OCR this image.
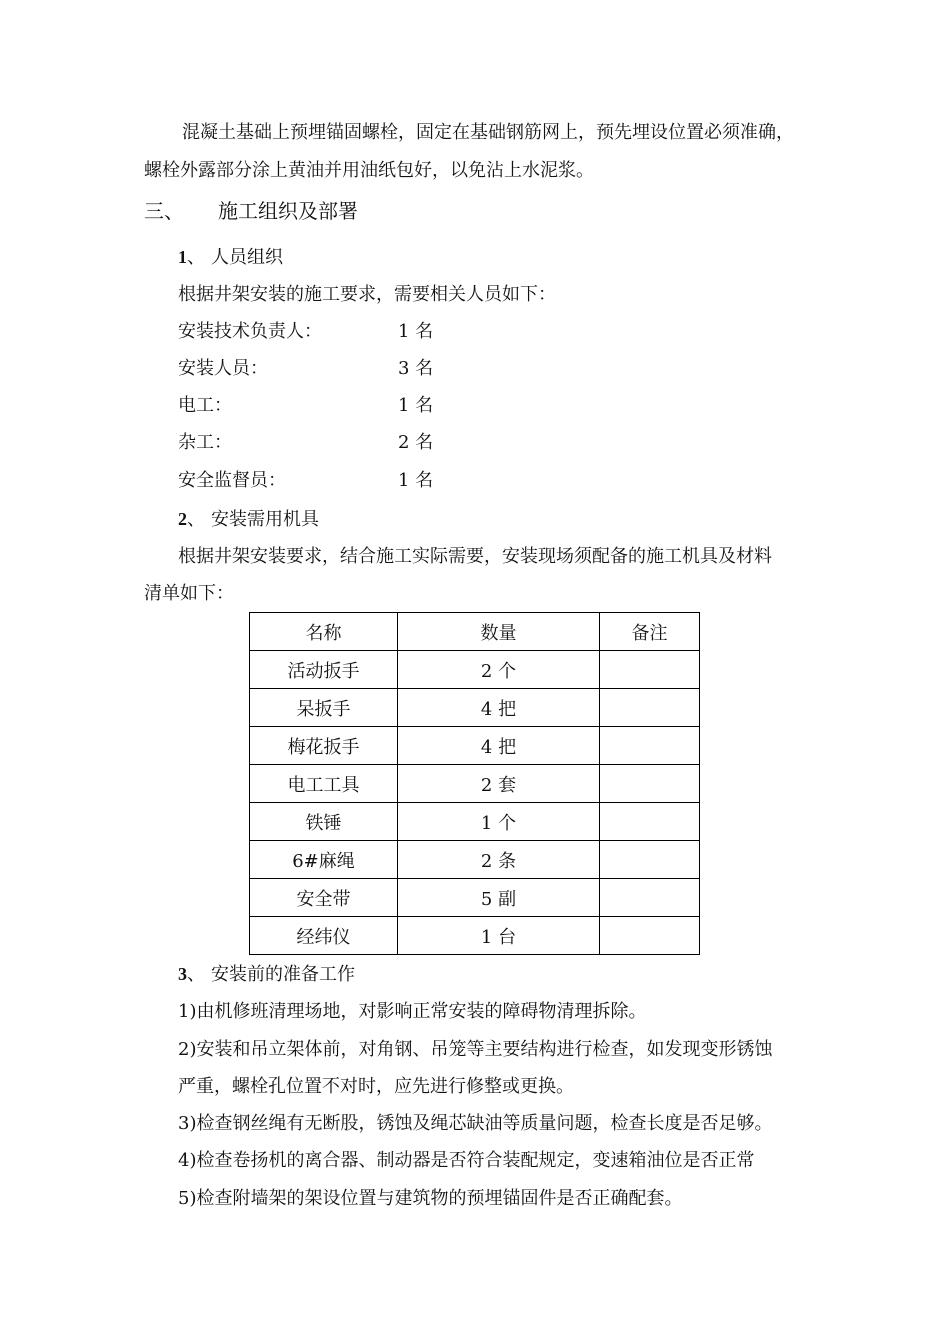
混凝土基础上预埋锚固螺栓，固定在基础钢筋网上，预先埋设位置必须准确，
螺栓外露部分涂上黄油并用油纸包好，以免沾上水泥浆。
三、 施工组织及部署
1、 人员组织
根据井架安装的施工要求，需要相关人员如下：
安装技术负责人：	1 名
安装人员：	3 名
电工：	1 名
杂工：	2 名
安全监督员：	1 名
2、 安装需用机具
根据井架安装要求，结合施工实际需要，安装现场须配备的施工机具及材料
清单如下：
名称	数量	备注
活动扳手	2 个	
呆扳手	4 把	
梅花扳手	4 把	
电工工具	2 套	
铁锤	1 个	
6#麻绳	2 条	
安全带	5 副	
经纬仪	1 台	
3、 安装前的准备工作
1)由机修班清理场地，对影响正常安装的障碍物清理拆除。
2)安装和吊立架体前，对角钢、吊笼等主要结构进行检查，如发现变形锈蚀
严重，螺栓孔位置不对时，应先进行修整或更换。
3)检查钢丝绳有无断股，锈蚀及绳芯缺油等质量问题，检查长度是否足够。
4)检查卷扬机的离合器、制动器是否符合装配规定，变速箱油位是否正常
5)检查附墙架的架设位置与建筑物的预埋锚固件是否正确配套。
